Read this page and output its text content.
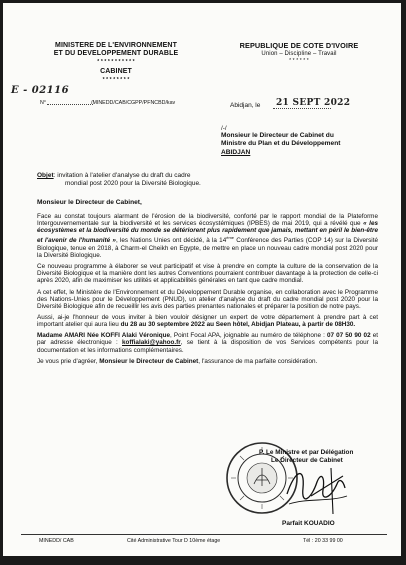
MINISTERE DE L'ENVIRONNEMENT
ET DU DEVELOPPEMENT DURABLE
* * * * * * * * * * *
CABINET
* * * * * * * *
E - 02116
N°	/MINEDD/CAB/CGPP/PFNCBD/kav
REPUBLIQUE DE COTE D'IVOIRE
Union – Discipline – Travail
* * * * * *
Abidjan, le 21 SEPT 2022
/-/
Monsieur le Directeur de Cabinet du
Ministre du Plan et du Développement
ABIDJAN
Objet: invitation à l'atelier d'analyse du draft du cadre
mondial post 2020 pour la Diversité Biologique.
Monsieur le Directeur de Cabinet,

Face au constat toujours alarmant de l'érosion de la biodiversité, conforté par le rapport mondial de la Plateforme Intergouvernementale sur la biodiversité et les services écosystémiques (IPBES) de mai 2019, qui a révélé que « les écosystèmes et la biodiversité du monde se détériorent plus rapidement que jamais, mettant en péril le bien-être et l'avenir de l'humanité », les Nations Unies ont décidé, à la 14ème Conférence des Parties (COP 14) sur la Diversité Biologique, tenue en 2018, à Charm-el Cheikh en Egypte, de mettre en place un nouveau cadre mondial post 2020 pour la Diversité Biologique.

Ce nouveau programme à élaborer se veut participatif et vise à prendre en compte la culture de la conservation de la Diversité Biologique et la manière dont les autres Conventions pourraient contribuer davantage à la protection de celle-ci après 2020, afin de maximiser les utilités et applicabilités générales en tant que cadre mondial.

A cet effet, le Ministère de l'Environnement et du Développement Durable organise, en collaboration avec le Programme des Nations-Unies pour le Développement (PNUD), un atelier d'analyse du draft du cadre mondial post 2020 pour la Diversité Biologique afin de recueillir les avis des parties prenantes nationales et préparer la position de notre pays.

Aussi, ai-je l'honneur de vous inviter à bien vouloir désigner un expert de votre département à prendre part à cet important atelier qui aura lieu du 28 au 30 septembre 2022 au Seen hôtel, Abidjan Plateau, à partir de 08H30.

Madame AMARI Née KOFFI Alaki Véronique, Point Focal APA, joignable au numéro de téléphone : 07 07 50 90 02 et par adresse électronique : koffialaki@yahoo.fr, se tient à la disposition de vos Services compétents pour la documentation et les informations complémentaires.

Je vous prie d'agréer, Monsieur le Directeur de Cabinet, l'assurance de ma parfaite considération.

P. Le Ministre et par Délégation
Le Directeur de Cabinet
Parfait KOUADIO
MINEDD/ CAB	Cité Administrative Tour D 10ème étage	Tél : 20 33 99 00
